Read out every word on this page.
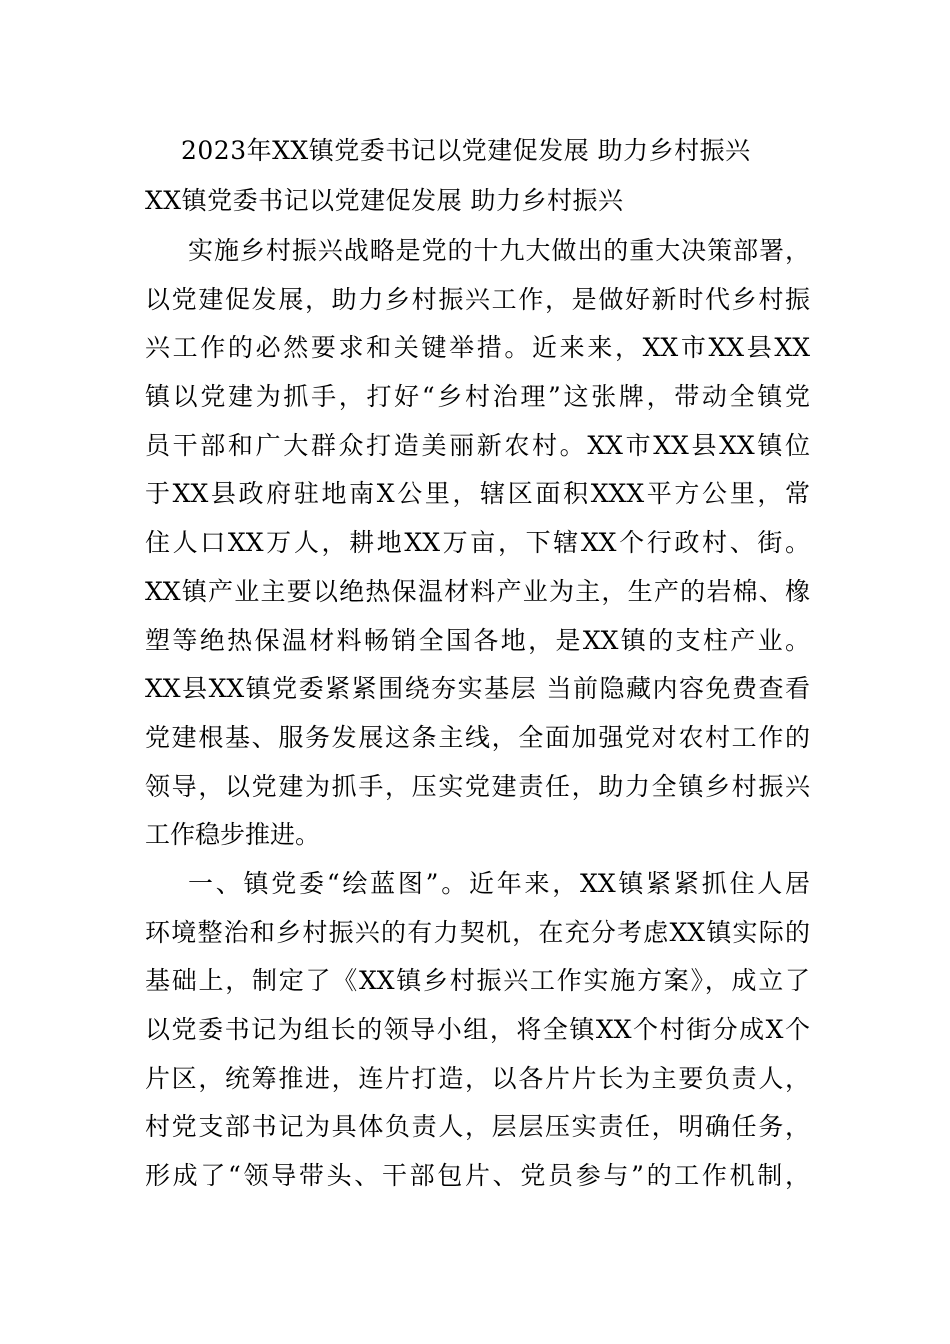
2023年XX镇党委书记以党建促发展 助力乡村振兴
XX镇党委书记以党建促发展 助力乡村振兴
实施乡村振兴战略是党的十九大做出的重大决策部署，
以党建促发展，助力乡村振兴工作，是做好新时代乡村振
兴工作的必然要求和关键举措。近来来，XX市XX县XX
镇以党建为抓手，打好“乡村治理”这张牌，带动全镇党
员干部和广大群众打造美丽新农村。XX市XX县XX镇位
于XX县政府驻地南X公里，辖区面积XXX平方公里，常
住人口XX万人，耕地XX万亩，下辖XX个行政村、街。
XX镇产业主要以绝热保温材料产业为主，生产的岩棉、橡
塑等绝热保温材料畅销全国各地，是XX镇的支柱产业。
XX县XX镇党委紧紧围绕夯实基层 当前隐藏内容免费查看
党建根基、服务发展这条主线，全面加强党对农村工作的
领导，以党建为抓手，压实党建责任，助力全镇乡村振兴
工作稳步推进。
一、镇党委“绘蓝图”。近年来，XX镇紧紧抓住人居
环境整治和乡村振兴的有力契机，在充分考虑XX镇实际的
基础上，制定了《XX镇乡村振兴工作实施方案》，成立了
以党委书记为组长的领导小组，将全镇XX个村街分成X个
片区，统筹推进，连片打造，以各片片长为主要负责人，
村党支部书记为具体负责人，层层压实责任，明确任务，
形成了“领导带头、干部包片、党员参与”的工作机制，
